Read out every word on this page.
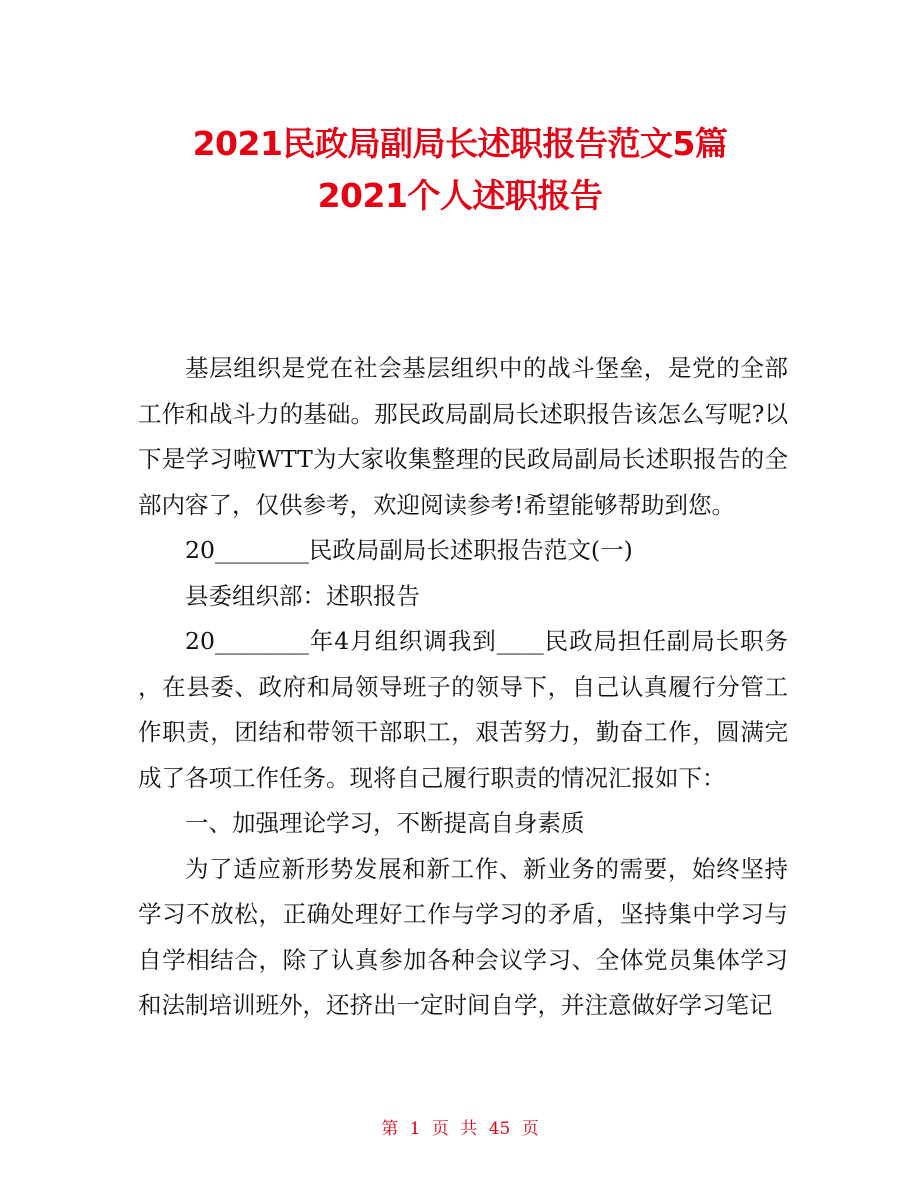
2021民政局副局长述职报告范文5篇
2021个人述职报告

基层组织是党在社会基层组织中的战斗堡垒，是党的全部工作和战斗力的基础。那民政局副局长述职报告该怎么写呢?以下是学习啦WTT为大家收集整理的民政局副局长述职报告的全部内容了，仅供参考，欢迎阅读参考!希望能够帮助到您。

20________民政局副局长述职报告范文(一)

县委组织部：述职报告

20________年4月组织调我到____民政局担任副局长职务，在县委、政府和局领导班子的领导下，自己认真履行分管工作职责，团结和带领干部职工，艰苦努力，勤奋工作，圆满完成了各项工作任务。现将自己履行职责的情况汇报如下：

一、加强理论学习，不断提高自身素质

为了适应新形势发展和新工作、新业务的需要，始终坚持学习不放松，正确处理好工作与学习的矛盾，坚持集中学习与自学相结合，除了认真参加各种会议学习、全体党员集体学习和法制培训班外，还挤出一定时间自学，并注意做好学习笔记

第 1 页 共 45 页
